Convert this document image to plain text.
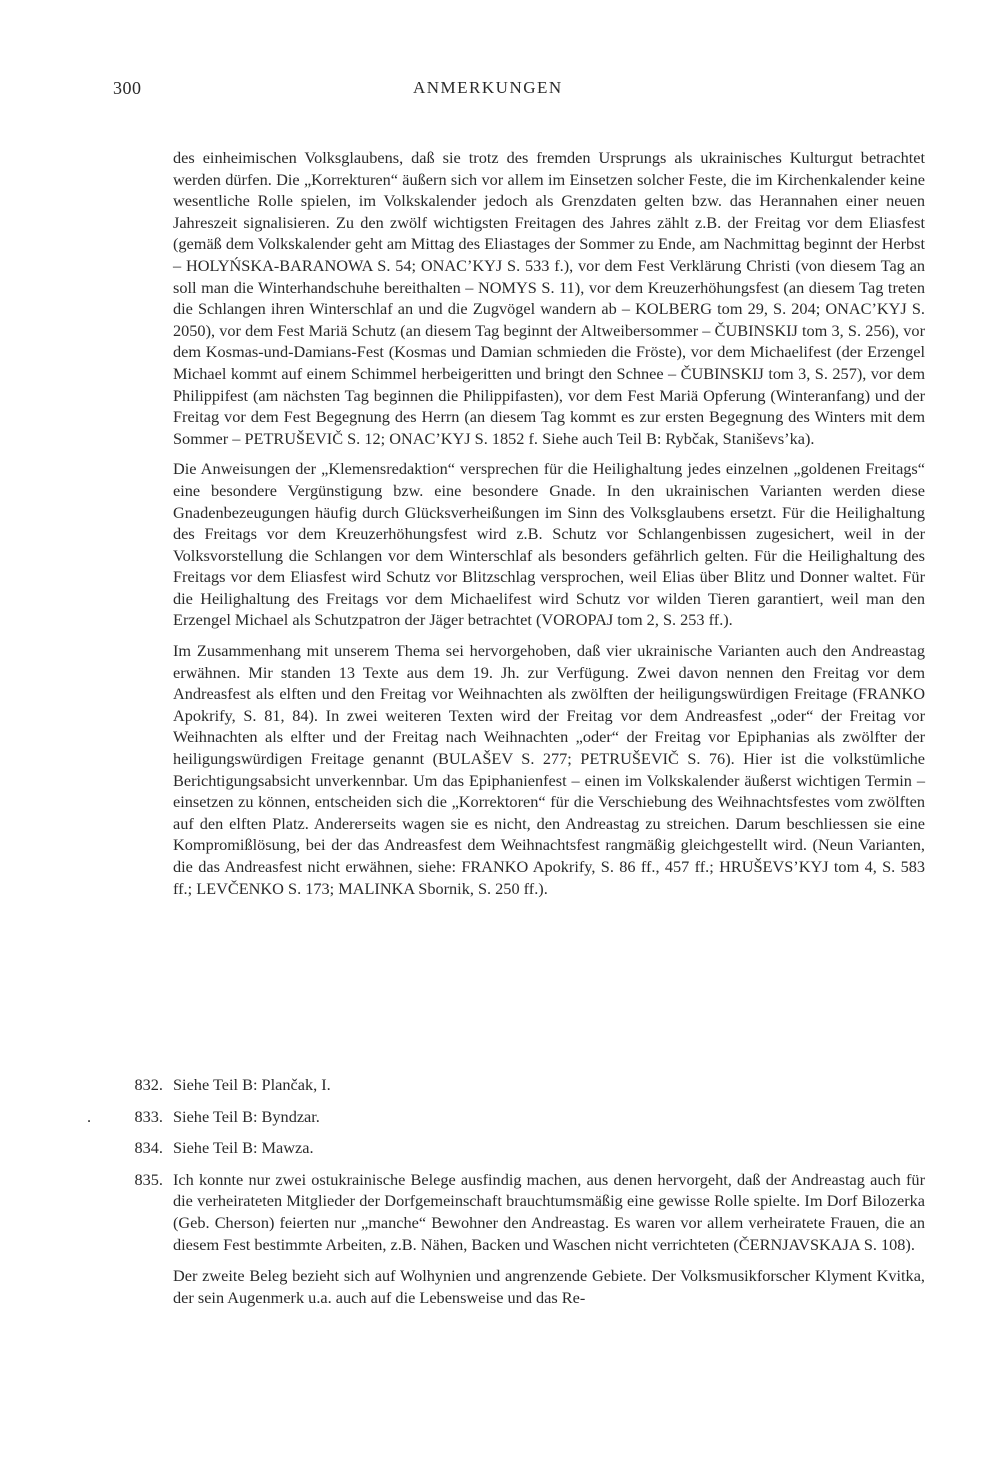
300	ANMERKUNGEN

des einheimischen Volksglaubens, daß sie trotz des fremden Ursprungs als ukrainisches Kulturgut betrachtet werden dürfen. Die „Korrekturen“ äußern sich vor allem im Einsetzen solcher Feste, die im Kirchenkalender keine wesentliche Rolle spielen, im Volkskalender jedoch als Grenzdaten gelten bzw. das Herannahen einer neuen Jahreszeit signalisieren. Zu den zwölf wichtigsten Freitagen des Jahres zählt z.B. der Freitag vor dem Eliasfest (gemäß dem Volkskalender geht am Mittag des Eliastages der Sommer zu Ende, am Nachmittag beginnt der Herbst – HOLYŃSKA-BARANOWA S. 54; ONAC’KYJ S. 533 f.), vor dem Fest Verklärung Christi (von diesem Tag an soll man die Winterhandschuhe bereithalten – NOMYS S. 11), vor dem Kreuzerhöhungsfest (an diesem Tag treten die Schlangen ihren Winterschlaf an und die Zugvögel wandern ab – KOLBERG tom 29, S. 204; ONAC’KYJ S. 2050), vor dem Fest Mariä Schutz (an diesem Tag beginnt der Altweibersommer – ČUBINSKIJ tom 3, S. 256), vor dem Kosmas-und-Damians-Fest (Kosmas und Damian schmieden die Fröste), vor dem Michaelifest (der Erzengel Michael kommt auf einem Schimmel herbeigeritten und bringt den Schnee – ČUBINSKIJ tom 3, S. 257), vor dem Philippifest (am nächsten Tag beginnen die Philippifasten), vor dem Fest Mariä Opferung (Winteranfang) und der Freitag vor dem Fest Begegnung des Herrn (an diesem Tag kommt es zur ersten Begegnung des Winters mit dem Sommer – PETRUŠEVIČ S. 12; ONAC’KYJ S. 1852 f. Siehe auch Teil B: Rybčak, Staniševs’ka).

Die Anweisungen der „Klemensredaktion“ versprechen für die Heilighaltung jedes einzelnen „goldenen Freitags“ eine besondere Vergünstigung bzw. eine besondere Gnade. In den ukrainischen Varianten werden diese Gnadenbezeugungen häufig durch Glücksverheißungen im Sinn des Volksglaubens ersetzt. Für die Heilighaltung des Freitags vor dem Kreuzerhöhungsfest wird z.B. Schutz vor Schlangenbissen zugesichert, weil in der Volksvorstellung die Schlangen vor dem Winterschlaf als besonders gefährlich gelten. Für die Heilighaltung des Freitags vor dem Eliasfest wird Schutz vor Blitzschlag versprochen, weil Elias über Blitz und Donner waltet. Für die Heilighaltung des Freitags vor dem Michaelifest wird Schutz vor wilden Tieren garantiert, weil man den Erzengel Michael als Schutzpatron der Jäger betrachtet (VOROPAJ tom 2, S. 253 ff.).

Im Zusammenhang mit unserem Thema sei hervorgehoben, daß vier ukrainische Varianten auch den Andreastag erwähnen. Mir standen 13 Texte aus dem 19. Jh. zur Verfügung. Zwei davon nennen den Freitag vor dem Andreasfest als elften und den Freitag vor Weihnachten als zwölften der heiligungswürdigen Freitage (FRANKO Apokrify, S. 81, 84). In zwei weiteren Texten wird der Freitag vor dem Andreasfest „oder“ der Freitag vor Weihnachten als elfter und der Freitag nach Weihnachten „oder“ der Freitag vor Epiphanias als zwölfter der heiligungswürdigen Freitage genannt (BULAŠEV S. 277; PETRUŠEVIČ S. 76). Hier ist die volkstümliche Berichtigungsabsicht unverkennbar. Um das Epiphanienfest – einen im Volkskalender äußerst wichtigen Termin – einsetzen zu können, entscheiden sich die „Korrektoren“ für die Verschiebung des Weihnachtsfestes vom zwölften auf den elften Platz. Andererseits wagen sie es nicht, den Andreastag zu streichen. Darum beschliessen sie eine Kompromißlösung, bei der das Andreasfest dem Weihnachtsfest rangmäßig gleichgestellt wird. (Neun Varianten, die das Andreasfest nicht erwähnen, siehe: FRANKO Apokrify, S. 86 ff., 457 ff.; HRUŠEVS’KYJ tom 4, S. 583 ff.; LEVČENKO S. 173; MALINKA Sbornik, S. 250 ff.).

832. Siehe Teil B: Plančak, I.
.	833. Siehe Teil B: Byndzar.
834. Siehe Teil B: Mawza.
835. Ich konnte nur zwei ostukrainische Belege ausfindig machen, aus denen hervorgeht, daß der Andreastag auch für die verheirateten Mitglieder der Dorfgemeinschaft brauchtumsmäßig eine gewisse Rolle spielte. Im Dorf Bilozerka (Geb. Cherson) feierten nur „manche“ Bewohner den Andreastag. Es waren vor allem verheiratete Frauen, die an diesem Fest bestimmte Arbeiten, z.B. Nähen, Backen und Waschen nicht verrichteten (ČERNJAVSKAJA S. 108).

Der zweite Beleg bezieht sich auf Wolhynien und angrenzende Gebiete. Der Volksmusikforscher Klyment Kvitka, der sein Augenmerk u.a. auch auf die Lebensweise und das Re-
